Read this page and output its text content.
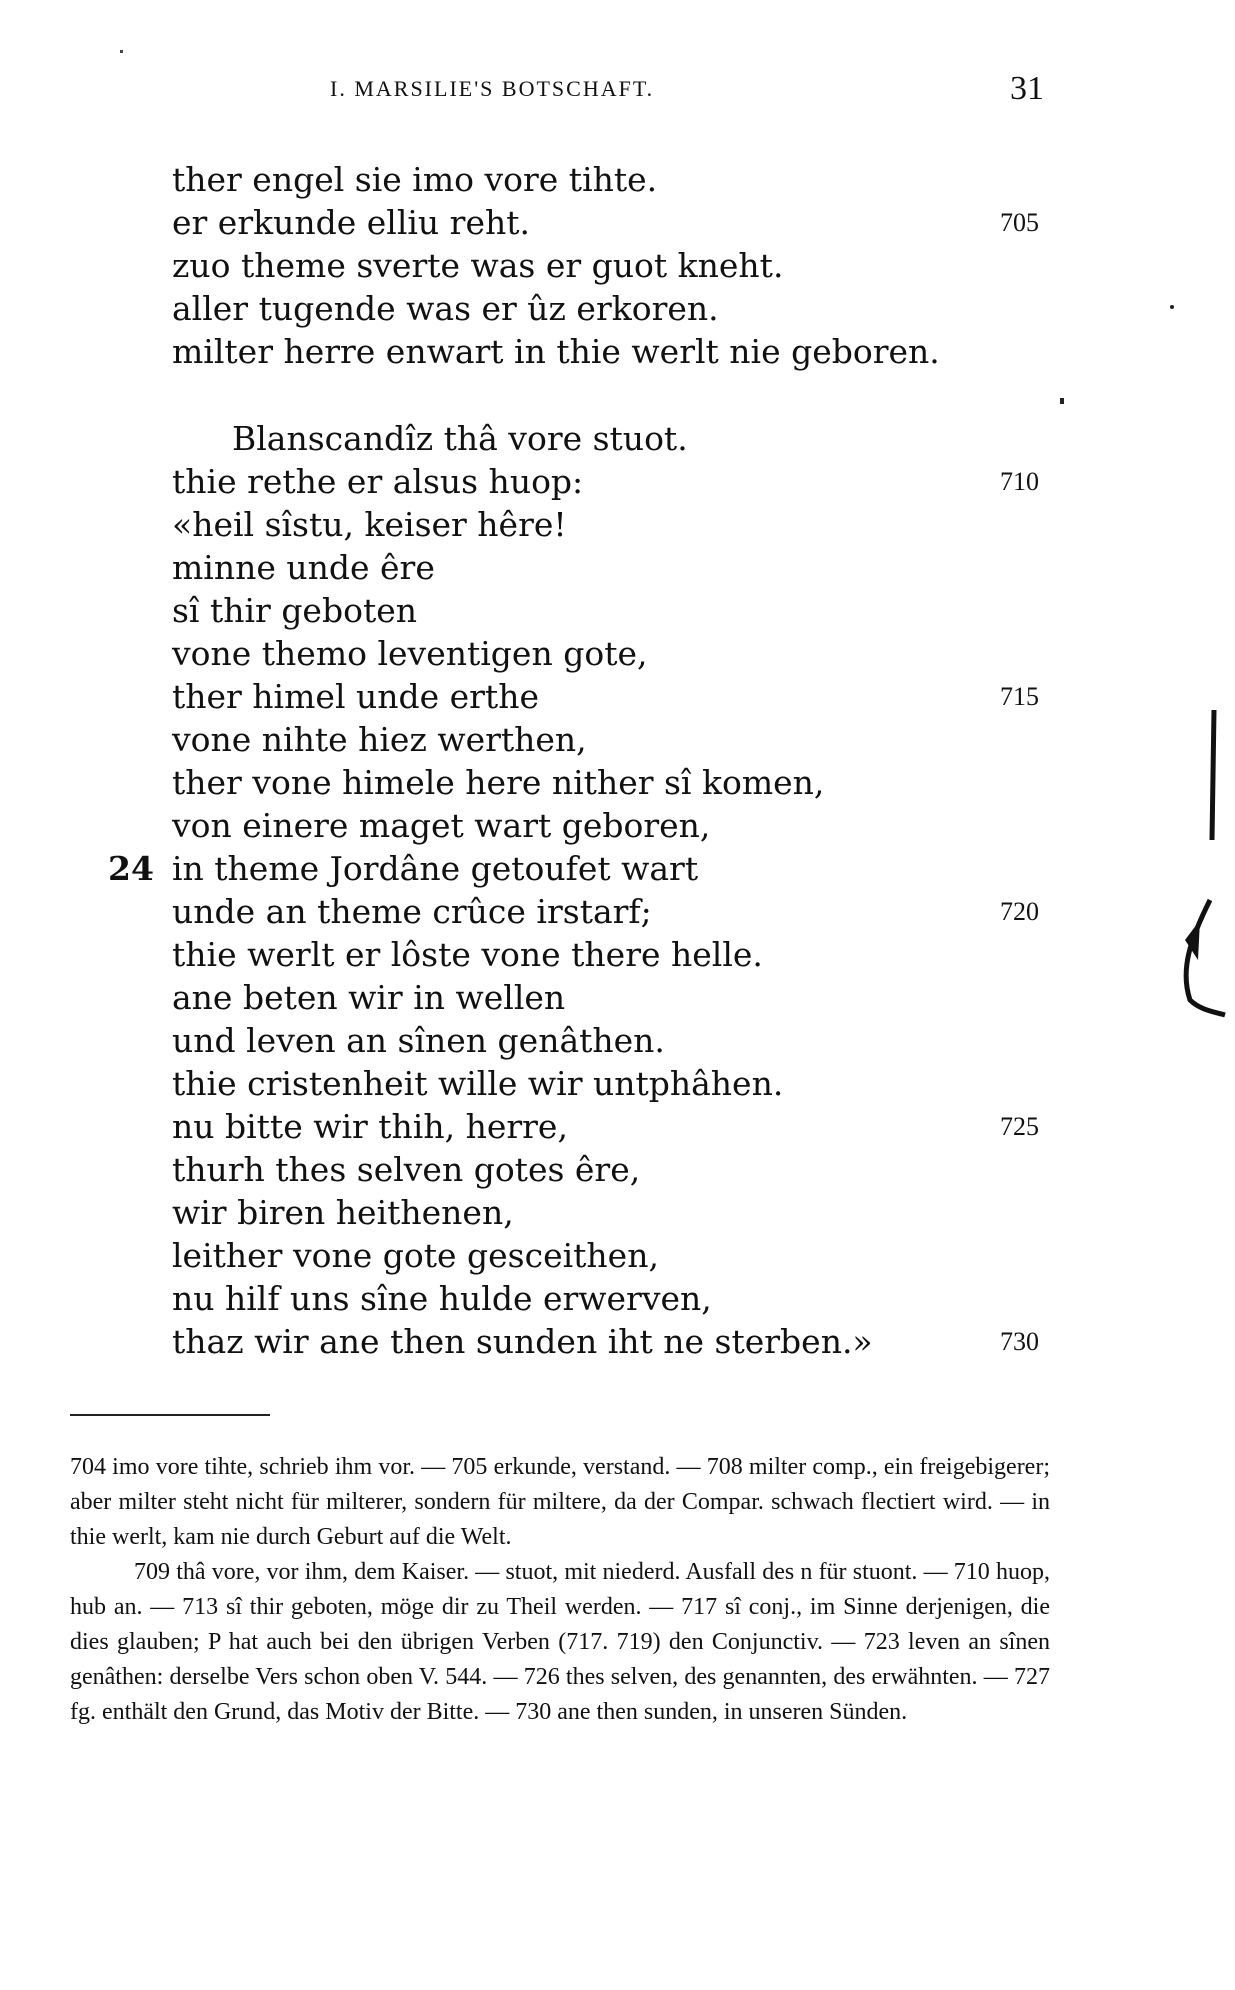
I. MARSILIE'S BOTSCHAFT.	31
ther engel sie imo vore tihte.
er erkunde elliu reht.
zuo theme sverte was er guot kneht.
aller tugende was er ûz erkoren.
milter herre enwart in thie werlt nie geboren.
Blanscandîz thâ vore stuot.
thie rethe er alsus huop:
«heil sîstu, keiser hêre!
minne unde êre
sî thir geboten
vone themo leventigen gote,
ther himel unde erthe
vone nihte hiez werthen,
ther vone himele here nither sî komen,
von einere maget wart geboren,
in theme Jordâne getoufet wart
unde an theme crûce irstarf;
thie werlt er lôste vone there helle.
ane beten wir in wellen
und leven an sînen genâthen.
thie cristenheit wille wir untphâhen.
nu bitte wir thih, herre,
thurh thes selven gotes êre,
wir biren heithenen,
leither vone gote gesceithen,
nu hilf uns sîne hulde erwerven,
thaz wir ane then sunden iht ne sterben.»
24
705
710
715
720
725
730

704 imo vore tihte, schrieb ihm vor. — 705 erkunde, verstand. — 708 milter comp., ein freigebigerer; aber milter steht nicht für milterer, sondern für miltere, da der Compar. schwach flectiert wird. — in thie werlt, kam nie durch Geburt auf die Welt.

709 thâ vore, vor ihm, dem Kaiser. — stuot, mit niederd. Ausfall des n für stuont. — 710 huop, hub an. — 713 sî thir geboten, möge dir zu Theil werden. — 717 sî conj., im Sinne derjenigen, die dies glauben; P hat auch bei den übrigen Verben (717. 719) den Conjunctiv. — 723 leven an sînen genâthen: derselbe Vers schon oben V. 544. — 726 thes selven, des genannten, des erwähnten. — 727 fg. enthält den Grund, das Motiv der Bitte. — 730 ane then sunden, in unseren Sünden.
